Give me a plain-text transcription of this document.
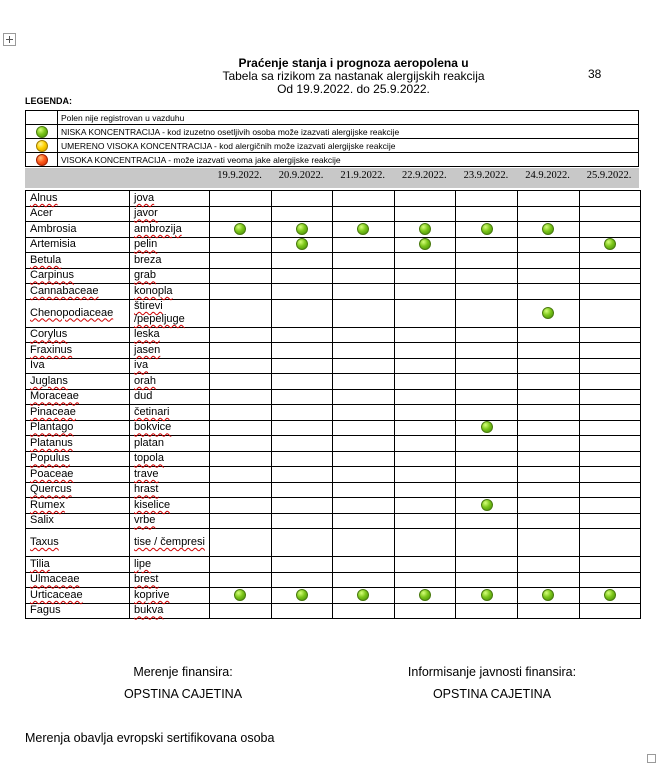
Praćenje stanja i prognoza aeropolena u
Tabela sa rizikom za nastanak alergijskih reakcija
Od 19.9.2022. do 25.9.2022.
38
LEGENDA:
	Polen nije registrovan u vazduhu
	NISKA KONCENTRACIJA - kod izuzetno osetljivih osoba može izazvati alergijske reakcije
	UMERENO VISOKA KONCENTRACIJA - kod alergičnih može izazvati alergijske reakcije
	VISOKA KONCENTRACIJA - može izazvati veoma jake alergijske reakcije
19.9.2022.	20.9.2022.	21.9.2022.	22.9.2022.	23.9.2022.	24.9.2022.	25.9.2022.
Alnus	jova							
Acer	javor							
Ambrosia	ambrozija							
Artemisia	pelin							
Betula	breza							
Carpinus	grab							
Cannabaceae	konopla							
Chenopodiaceae	štirevi /pepeljuge							
Corylus	leska							
Fraxinus	jasen							
Iva	iva							
Juglans	orah							
Moraceae	dud							
Pinaceae	četinari							
Plantago	bokvice							
Platanus	platan							
Populus	topola							
Poaceae	trave							
Quercus	hrast							
Rumex	kiselice							
Salix	vrbe							
Taxus	tise / čempresi							
Tilia	lipe							
Ulmaceae	brest							
Urticaceae	koprive							
Fagus	bukva							
Merenje finansira:
OPSTINA CAJETINA
Informisanje javnosti finansira:
OPSTINA CAJETINA
Merenja obavlja evropski sertifikovana osoba
